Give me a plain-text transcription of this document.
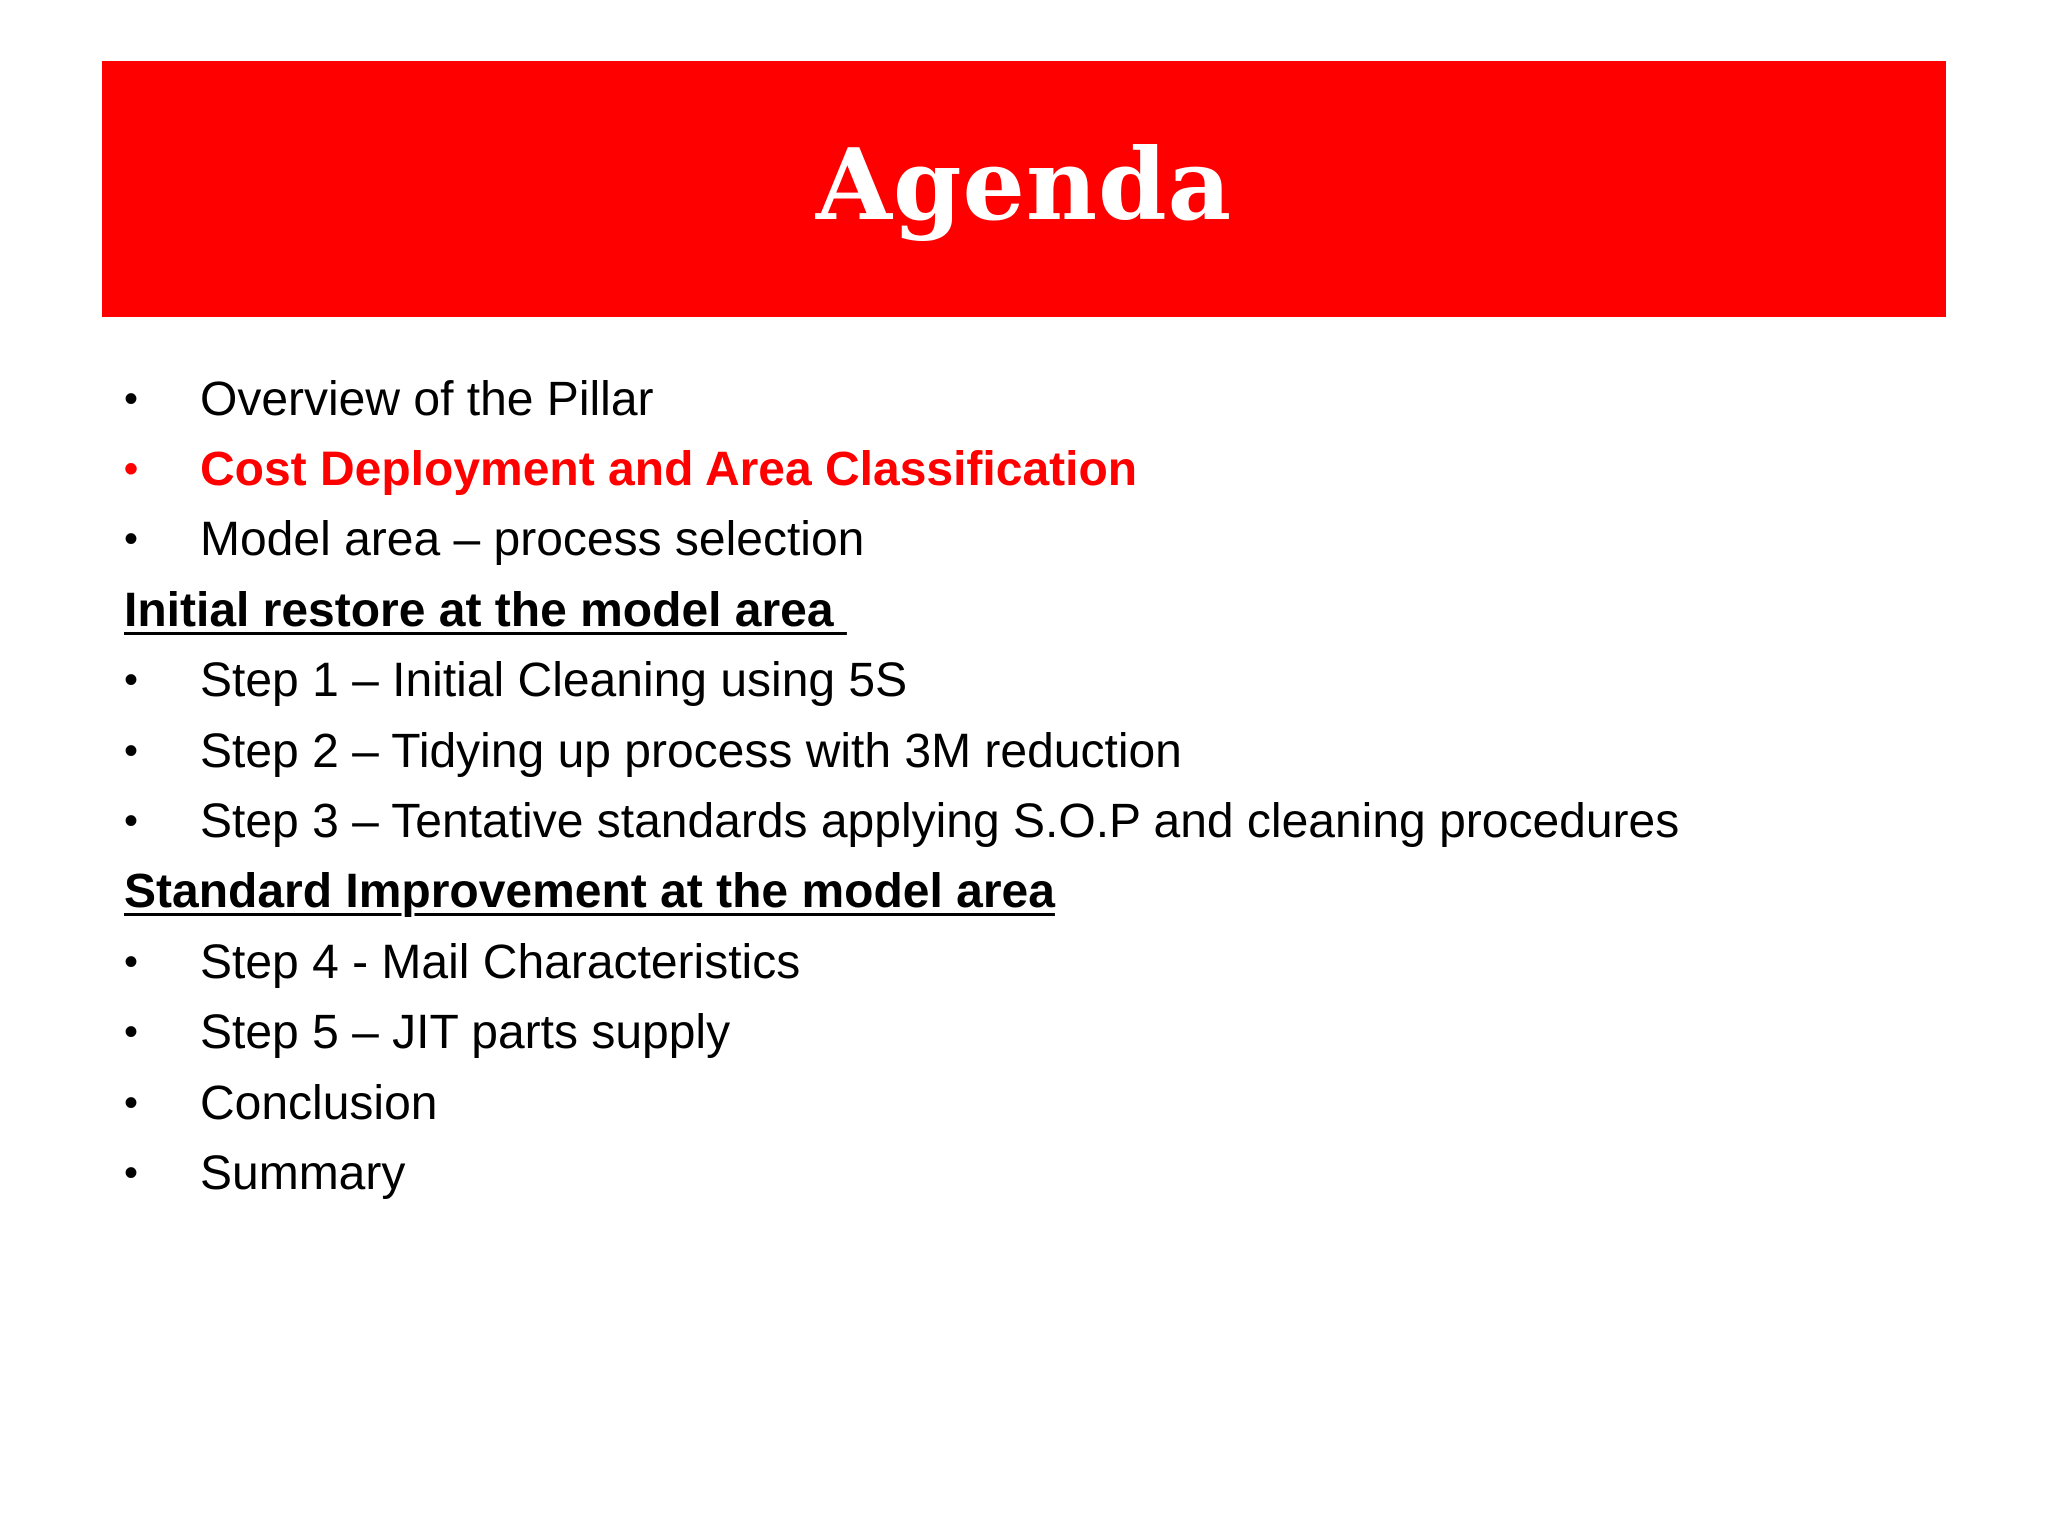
Agenda
•	Overview of the Pillar
•	Cost Deployment and Area Classification
•	Model area – process selection
Initial restore at the model area
•	Step 1 – Initial Cleaning using 5S
•	Step 2 – Tidying up process with 3M reduction
•	Step 3 – Tentative standards applying S.O.P and cleaning procedures
Standard Improvement at the model area
•	Step 4 - Mail Characteristics
•	Step 5 – JIT parts supply
•	Conclusion
•	Summary
